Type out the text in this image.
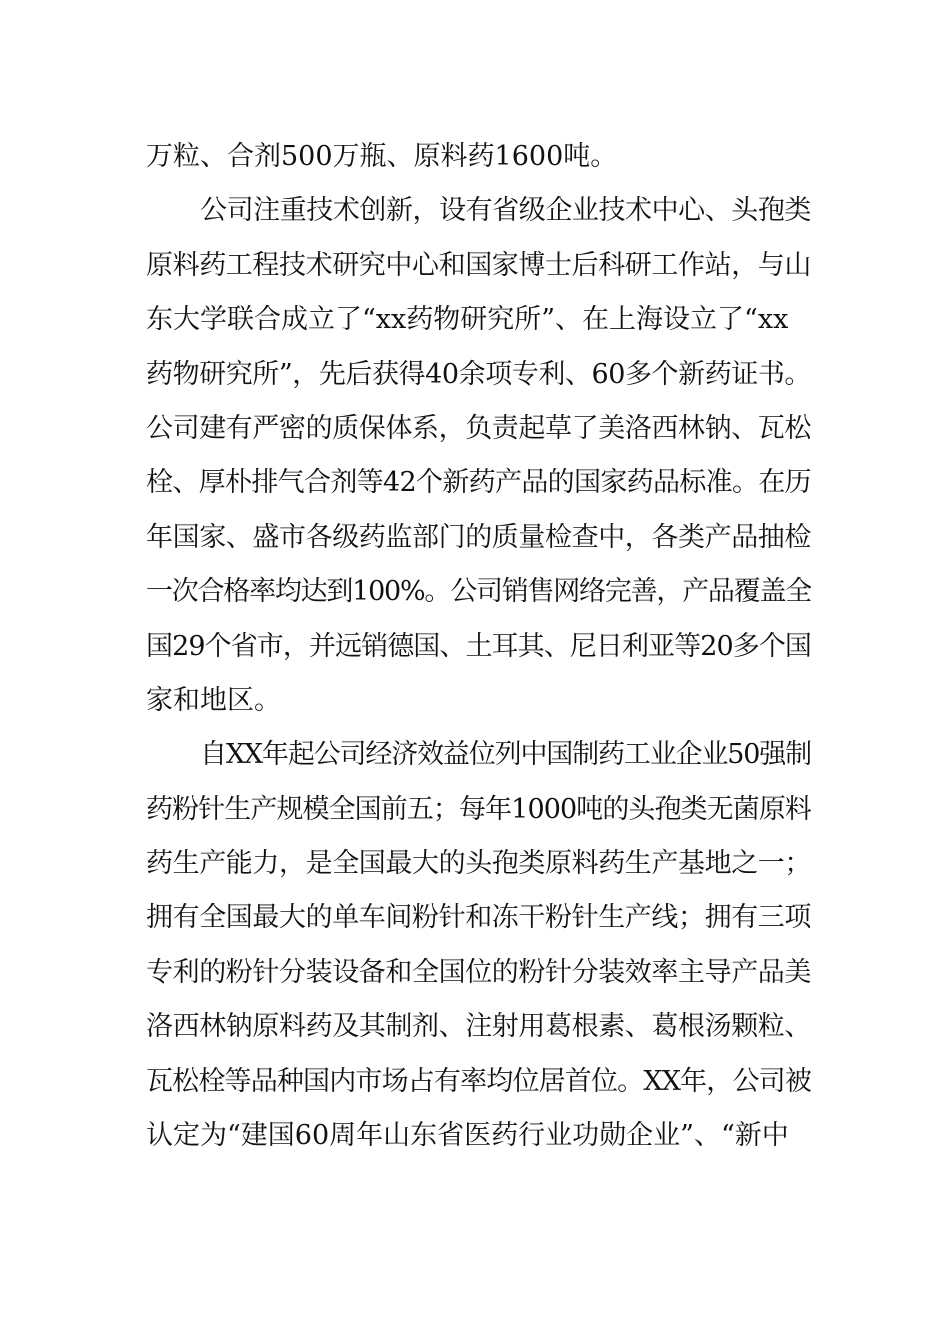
万粒、合剂500万瓶、原料药1600吨。
公司注重技术创新，设有省级企业技术中心、头孢类
原料药工程技术研究中心和国家博士后科研工作站，与山
东大学联合成立了“xx药物研究所”、在上海设立了“xx
药物研究所”，先后获得40余项专利、60多个新药证书。
公司建有严密的质保体系，负责起草了美洛西林钠、瓦松
栓、厚朴排气合剂等42个新药产品的国家药品标准。在历
年国家、盛市各级药监部门的质量检查中，各类产品抽检
一次合格率均达到100%。公司销售网络完善，产品覆盖全
国29个省市，并远销德国、土耳其、尼日利亚等20多个国
家和地区。
自XX年起公司经济效益位列中国制药工业企业50强制
药粉针生产规模全国前五；每年1000吨的头孢类无菌原料
药生产能力，是全国最大的头孢类原料药生产基地之一；
拥有全国最大的单车间粉针和冻干粉针生产线；拥有三项
专利的粉针分装设备和全国位的粉针分装效率主导产品美
洛西林钠原料药及其制剂、注射用葛根素、葛根汤颗粒、
瓦松栓等品种国内市场占有率均位居首位。XX年，公司被
认定为“建国60周年山东省医药行业功勋企业”、“新中
